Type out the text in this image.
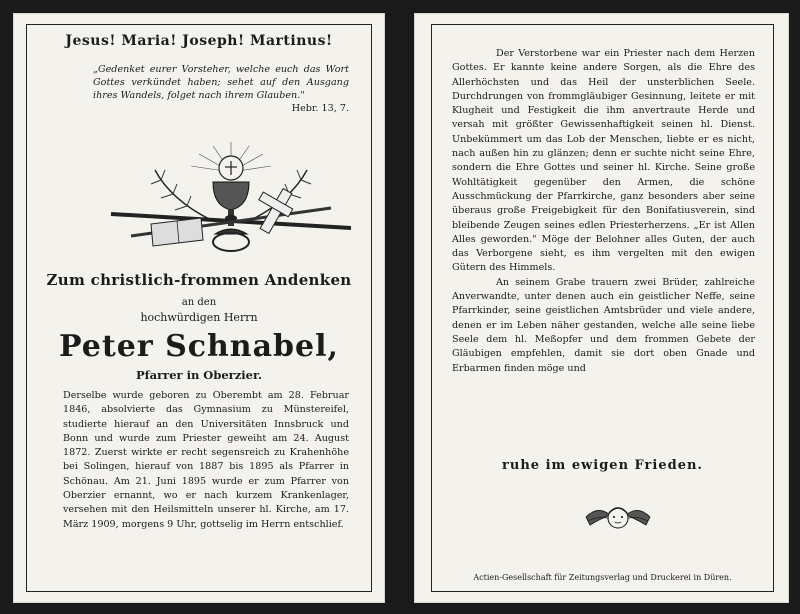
Jesus! Maria! Joseph! Martinus!
„Gedenket eurer Vorsteher, welche euch das Wort Gottes verkündet haben; sehet auf den Ausgang ihres Wandels, folget nach ihrem Glauben."
Hebr. 13, 7.
Zum christlich-frommen Andenken
an den
hochwürdigen Herrn
Peter Schnabel,
Pfarrer in Oberzier.
Derselbe wurde geboren zu Oberembt am 28. Februar 1846, absolvierte das Gymnasium zu Münstereifel, studierte hierauf an den Universitäten Innsbruck und Bonn und wurde zum Priester geweiht am 24. August 1872. Zuerst wirkte er recht segensreich zu Krahenhöhe bei Solingen, hierauf von 1887 bis 1895 als Pfarrer in Schönau. Am 21. Juni 1895 wurde er zum Pfarrer von Oberzier ernannt, wo er nach kurzem Krankenlager, versehen mit den Heilsmitteln unserer hl. Kirche, am 17. März 1909, morgens 9 Uhr, gottselig im Herrn entschlief.

Der Verstorbene war ein Priester nach dem Herzen Gottes. Er kannte keine andere Sorgen, als die Ehre des Allerhöchsten und das Heil der unsterblichen Seele. Durchdrungen von frommgläubiger Gesinnung, leitete er mit Klugheit und Festigkeit die ihm anvertraute Herde und versah mit größter Gewissenhaftigkeit seinen hl. Dienst. Unbekümmert um das Lob der Menschen, liebte er es nicht, nach außen hin zu glänzen; denn er suchte nicht seine Ehre, sondern die Ehre Gottes und seiner hl. Kirche. Seine große Wohltätigkeit gegenüber den Armen, die schöne Ausschmückung der Pfarrkirche, ganz besonders aber seine überaus große Freigebigkeit für den Bonifatiusverein, sind bleibende Zeugen seines edlen Priesterherzens. „Er ist Allen Alles geworden." Möge der Belohner alles Guten, der auch das Verborgene sieht, es ihm vergelten mit den ewigen Gütern des Himmels.

An seinem Grabe trauern zwei Brüder, zahlreiche Anverwandte, unter denen auch ein geistlicher Neffe, seine Pfarrkinder, seine geistlichen Amtsbrüder und viele andere, denen er im Leben näher gestanden, welche alle seine liebe Seele dem hl. Meßopfer und dem frommen Gebete der Gläubigen empfehlen, damit sie dort oben Gnade und Erbarmen finden möge und

ruhe im ewigen Frieden.
Actien-Gesellschaft für Zeitungsverlag und Druckerei in Düren.
